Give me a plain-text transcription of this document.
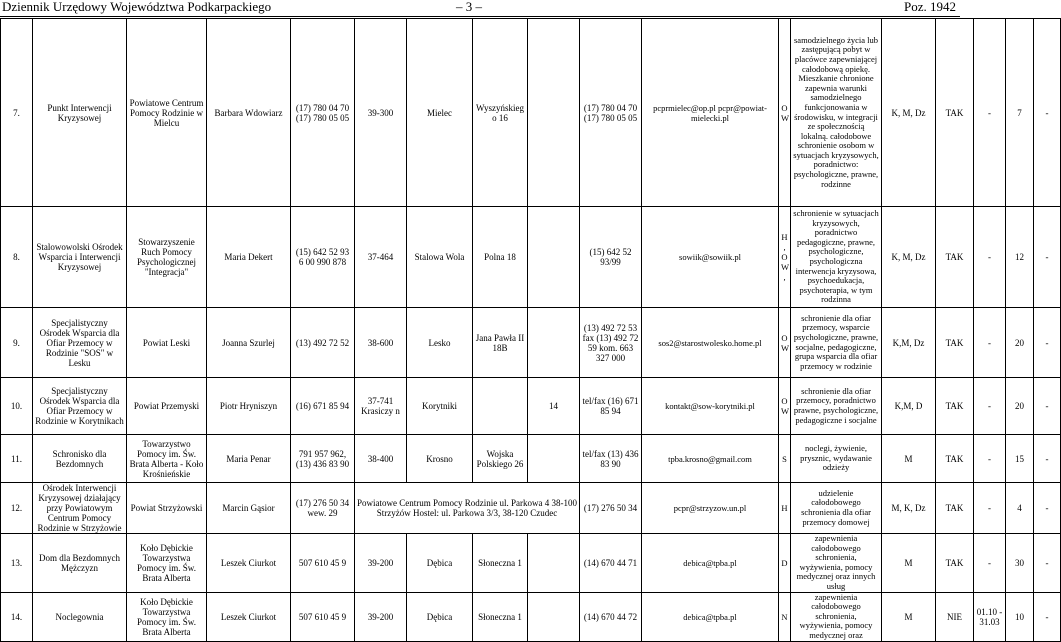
Dziennik Urzędowy Województwa Podkarpackiego	– 3 –	Poz. 1942
7.	Punkt Interwencji Kryzysowej	Powiatowe Centrum Pomocy Rodzinie w Mielcu	Barbara Wdowiarz	(17) 780 04 70 (17) 780 05 05	39-300	Mielec	Wyszyńskiego 16		(17) 780 04 70 (17) 780 05 05	pcprmielec@op.pl pcpr@powiat-mielecki.pl	OW	samodzielnego życia lub zastępującą pobyt w placówce zapewniającej całodobową opiekę. Mieszkanie chronione zapewnia warunki samodzielnego funkcjonowania w środowisku, w integracji ze społecznością lokalną. całodobowe schronienie osobom w sytuacjach kryzysowych, poradnictwo: psychologiczne, prawne, rodzinne	K, M, Dz	TAK	-	7	-
8.	Stalowowolski Ośrodek Wsparcia i Interwencji Kryzysowej	Stowarzyszenie Ruch Pomocy Psychologicznej "Integracja"	Maria Dekert	(15) 642 52 93 6 00 990 878	37-464	Stalowa Wola	Polna 18		(15) 642 52 93/99	sowiik@sowiik.pl	H, OW,	schronienie w sytuacjach kryzysowych, poradnictwo pedagogiczne, prawne, psychologiczne, psychologiczna interwencja kryzysowa, psychoedukacja, psychoterapia, w tym rodzinna	K, M, Dz	TAK	-	12	-
9.	Specjalistyczny Ośrodek Wsparcia dla Ofiar Przemocy w Rodzinie "SOS" w Lesku	Powiat Leski	Joanna Szurlej	(13) 492 72 52	38-600	Lesko	Jana Pawła II 18B		(13) 492 72 53 fax (13) 492 72 59 kom. 663 327 000	sos2@starostwolesko.home.pl	OW	schronienie dla ofiar przemocy, wsparcie psychologiczne, prawne, socjalne, pedagogiczne, grupa wsparcia dla ofiar przemocy w rodzinie	K,M, Dz	TAK	-	20	-
10.	Specjalistyczny Ośrodek Wsparcia dla Ofiar Przemocy w Rodzinie w Korytnikach	Powiat Przemyski	Piotr Hryniszyn	(16) 671 85 94	37-741 Krasiczy n	Korytniki		14	tel/fax (16) 671 85 94	kontakt@sow-korytniki.pl	OW	schronienie dla ofiar przemocy, poradnictwo prawne, psychologiczne, pedagogiczne i socjalne	K,M, D	TAK	-	20	-
11.	Schronisko dla Bezdomnych	Towarzystwo Pomocy im. Św. Brata Alberta - Koło Krośnieńskie	Maria Penar	791 957 962, (13) 436 83 90	38-400	Krosno	Wojska Polskiego 26		tel/fax (13) 436 83 90	tpba.krosno@gmail.com	S	noclegi, żywienie, prysznic, wydawanie odzieży	M	TAK	-	15	-
12.	Ośrodek Interwencji Kryzysowej działający przy Powiatowym Centrum Pomocy Rodzinie w Strzyżowie	Powiat Strzyżowski	Marcin Gąsior	(17) 276 50 34 wew. 29	Powiatowe Centrum Pomocy Rodzinie ul. Parkowa 4 38-100 Strzyżów Hostel: ul. Parkowa 3/3, 38-120 Czudec				(17) 276 50 34	pcpr@strzyzow.un.pl	H	udzielenie całodobowego schronienia dla ofiar przemocy domowej	M, K, Dz	TAK	-	4	-
13.	Dom dla Bezdomnych Mężczyzn	Koło Dębickie Towarzystwa Pomocy im. Św. Brata Alberta	Leszek Ciurkot	507 610 45 9	39-200	Dębica	Słoneczna 1		(14) 670 44 71	debica@tpba.pl	D	zapewnienia całodobowego schronienia, wyżywienia, pomocy medycznej oraz innych usług	M	TAK	-	30	-
14.	Noclegownia	Koło Dębickie Towarzystwa Pomocy im. Św. Brata Alberta	Leszek Ciurkot	507 610 45 9	39-200	Dębica	Słoneczna 1		(14) 670 44 72	debica@tpba.pl	N	zapewnienia całodobowego schronienia, wyżywienia, pomocy medycznej oraz	M	NIE	01.10 - 31.03	10	-
